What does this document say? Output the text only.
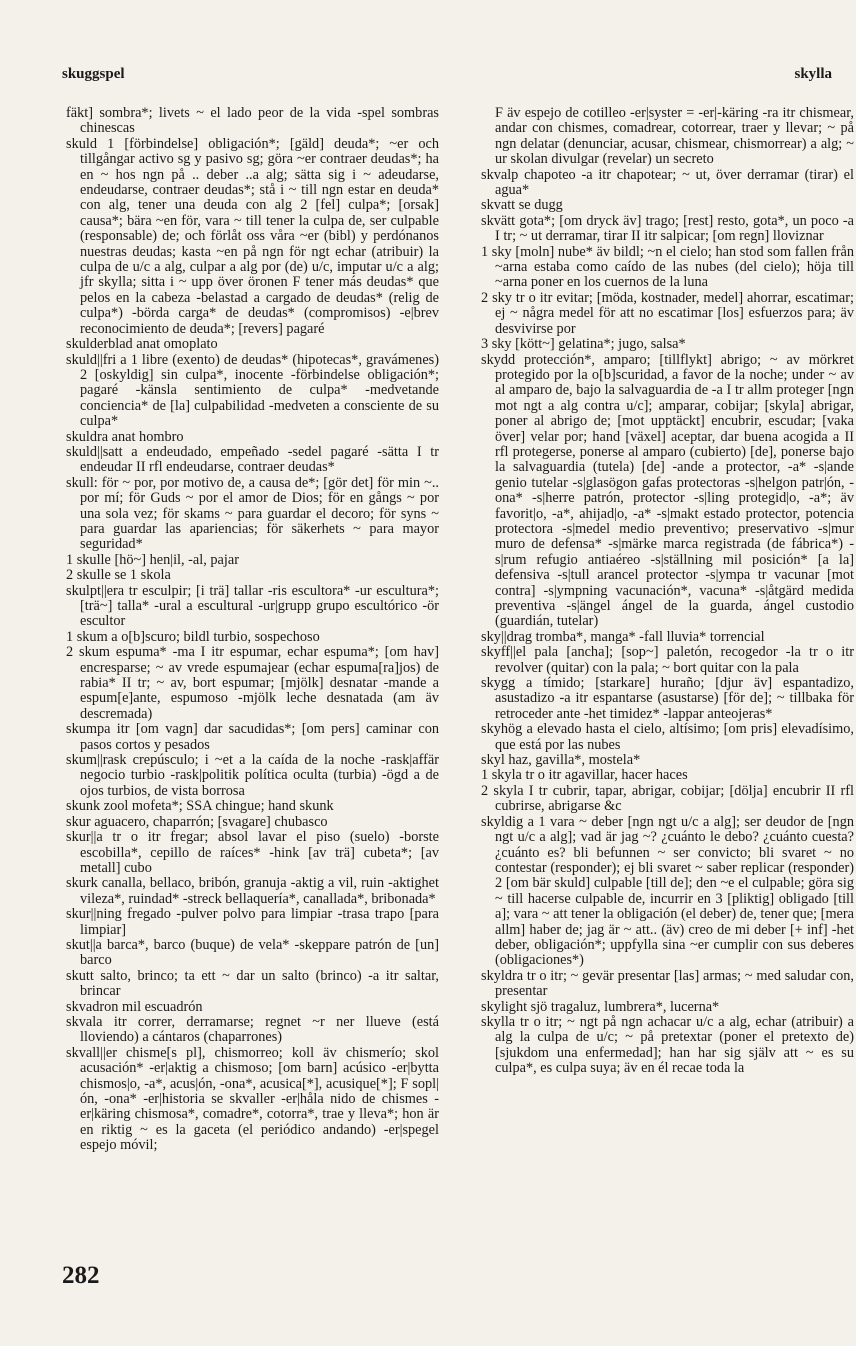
skuggspel	skylla

fäkt] sombra*; livets ~ el lado peor de la vida -spel sombras chinescas

skuld 1 [förbindelse] obligación*; [gäld] deuda*; ~er och tillgångar activo sg y pasivo sg; göra ~er contraer deudas*; ha en ~ hos ngn på .. deber ..a alg; sätta sig i ~ adeudarse, endeudarse, contraer deudas*; stå i ~ till ngn estar en deuda* con alg, tener una deuda con alg 2 [fel] culpa*; [orsak] causa*; bära ~en för, vara ~ till tener la culpa de, ser culpable (responsable) de; och förlåt oss våra ~er (bibl) y perdónanos nuestras deudas; kasta ~en på ngn för ngt echar (atribuir) la culpa de u/c a alg, culpar a alg por (de) u/c, imputar u/c a alg; jfr skylla; sitta i ~ upp över öronen F tener más deudas* que pelos en la cabeza -belastad a cargado de deudas* (relig de culpa*) -börda carga* de deudas* (compromisos) -e|brev reconocimiento de deuda*; [revers] pagaré

skulderblad anat omoplato

skuld||fri a 1 libre (exento) de deudas* (hipotecas*, gravámenes) 2 [oskyldig] sin culpa*, inocente -förbindelse obligación*; pagaré -känsla sentimiento de culpa* -medvetande conciencia* de [la] culpabilidad -medveten a consciente de su culpa*

skuldra anat hombro

skuld||satt a endeudado, empeñado -sedel pagaré -sätta I tr endeudar II rfl endeudarse, contraer deudas*

skull: för ~ por, por motivo de, a causa de*; [gör det] för min ~.. por mí; för Guds ~ por el amor de Dios; för en gångs ~ por una sola vez; för skams ~ para guardar el decoro; för syns ~ para guardar las apariencias; för säkerhets ~ para mayor seguridad*

1 skulle [hö~] hen|il, -al, pajar

2 skulle se 1 skola

skulpt||era tr esculpir; [i trä] tallar -ris escultora* -ur escultura*; [trä~] talla* -ural a escultural -ur|grupp grupo escultórico -ör escultor

1 skum a o[b]scuro; bildl turbio, sospechoso

2 skum espuma* -ma I itr espumar, echar espuma*; [om hav] encresparse; ~ av vrede espumajear (echar espuma[ra]jos) de rabia* II tr; ~ av, bort espumar; [mjölk] desnatar -mande a espum[e]ante, espumoso -mjölk leche desnatada (am äv descremada)

skumpa itr [om vagn] dar sacudidas*; [om pers] caminar con pasos cortos y pesados

skum||rask crepúsculo; i ~et a la caída de la noche -rask|affär negocio turbio -rask|politik política oculta (turbia) -ögd a de ojos turbios, de vista borrosa

skunk zool mofeta*; SSA chingue; hand skunk

skur aguacero, chaparrón; [svagare] chubasco

skur||a tr o itr fregar; absol lavar el piso (suelo) -borste escobilla*, cepillo de raíces* -hink [av trä] cubeta*; [av metall] cubo

skurk canalla, bellaco, bribón, granuja -aktig a vil, ruin -aktighet vileza*, ruindad* -streck bellaquería*, canallada*, bribonada*

skur||ning fregado -pulver polvo para limpiar -trasa trapo [para limpiar]

skut||a barca*, barco (buque) de vela* -skeppare patrón de [un] barco

skutt salto, brinco; ta ett ~ dar un salto (brinco) -a itr saltar, brincar

skvadron mil escuadrón

skvala itr correr, derramarse; regnet ~r ner llueve (está lloviendo) a cántaros (chaparrones)

skvall||er chisme[s pl], chismorreo; koll äv chismerío; skol acusación* -er|aktig a chismoso; [om barn] acúsico -er|bytta chismos|o, -a*, acus|ón, -ona*, acusica[*], acusique[*]; F sopl|ón, -ona* -er|historia se skvaller -er|håla nido de chismes -er|käring chismosa*, comadre*, cotorra*, trae y lleva*; hon är en riktig ~ es la gaceta (el periódico andando) -er|spegel espejo móvil;

F äv espejo de cotilleo -er|syster = -er|-käring -ra itr chismear, andar con chismes, comadrear, cotorrear, traer y llevar; ~ på ngn delatar (denunciar, acusar, chismear, chismorrear) a alg; ~ ur skolan divulgar (revelar) un secreto

skvalp chapoteo -a itr chapotear; ~ ut, över derramar (tirar) el agua*

skvatt se dugg

skvätt gota*; [om dryck äv] trago; [rest] resto, gota*, un poco -a I tr; ~ ut derramar, tirar II itr salpicar; [om regn] lloviznar

1 sky [moln] nube* äv bildl; ~n el cielo; han stod som fallen från ~arna estaba como caído de las nubes (del cielo); höja till ~arna poner en los cuernos de la luna

2 sky tr o itr evitar; [möda, kostnader, medel] ahorrar, escatimar; ej ~ några medel för att no escatimar [los] esfuerzos para; äv desvivirse por

3 sky [kött~] gelatina*; jugo, salsa*

skydd protección*, amparo; [tillflykt] abrigo; ~ av mörkret protegido por la o[b]scuridad, a favor de la noche; under ~ av al amparo de, bajo la salvaguardia de -a I tr allm proteger [ngn mot ngt a alg contra u/c]; amparar, cobijar; [skyla] abrigar, poner al abrigo de; [mot upptäckt] encubrir, escudar; [vaka över] velar por; hand [växel] aceptar, dar buena acogida a II rfl protegerse, ponerse al amparo (cubierto) [de], ponerse bajo la salvaguardia (tutela) [de] -ande a protector, -a* -s|ande genio tutelar -s|glasögon gafas protectoras -s|helgon patr|ón, -ona* -s|herre patrón, protector -s|ling protegid|o, -a*; äv favorit|o, -a*, ahijad|o, -a* -s|makt estado protector, potencia protectora -s|medel medio preventivo; preservativo -s|mur muro de defensa* -s|märke marca registrada (de fábrica*) -s|rum refugio antiaéreo -s|ställning mil posición* [a la] defensiva -s|tull arancel protector -s|ympa tr vacunar [mot contra] -s|ympning vacunación*, vacuna* -s|åtgärd medida preventiva -s|ängel ángel de la guarda, ángel custodio (guardián, tutelar)

sky||drag tromba*, manga* -fall lluvia* torrencial

skyff||el pala [ancha]; [sop~] paletón, recogedor -la tr o itr revolver (quitar) con la pala; ~ bort quitar con la pala

skygg a tímido; [starkare] huraño; [djur äv] espantadizo, asustadizo -a itr espantarse (asustarse) [för de]; ~ tillbaka för retroceder ante -het timidez* -lappar anteojeras*

skyhög a elevado hasta el cielo, altísimo; [om pris] elevadísimo, que está por las nubes

skyl haz, gavilla*, mostela*

1 skyla tr o itr agavillar, hacer haces

2 skyla I tr cubrir, tapar, abrigar, cobijar; [dölja] encubrir II rfl cubrirse, abrigarse &c

skyldig a 1 vara ~ deber [ngn ngt u/c a alg]; ser deudor de [ngn ngt u/c a alg]; vad är jag ~? ¿cuánto le debo? ¿cuánto cuesta? ¿cuánto es? bli befunnen ~ ser convicto; bli svaret ~ no contestar (responder); ej bli svaret ~ saber replicar (responder) 2 [om bär skuld] culpable [till de]; den ~e el culpable; göra sig ~ till hacerse culpable de, incurrir en 3 [pliktig] obligado [till a]; vara ~ att tener la obligación (el deber) de, tener que; [mera allm] haber de; jag är ~ att.. (äv) creo de mi deber [+ inf] -het deber, obligación*; uppfylla sina ~er cumplir con sus deberes (obligaciones*)

skyldra tr o itr; ~ gevär presentar [las] armas; ~ med saludar con, presentar

skylight sjö tragaluz, lumbrera*, lucerna*

skylla tr o itr; ~ ngt på ngn achacar u/c a alg, echar (atribuir) a alg la culpa de u/c; ~ på pretextar (poner el pretexto de) [sjukdom una enfermedad]; han har sig själv att ~ es su culpa*, es culpa suya; äv en él recae toda la

282
